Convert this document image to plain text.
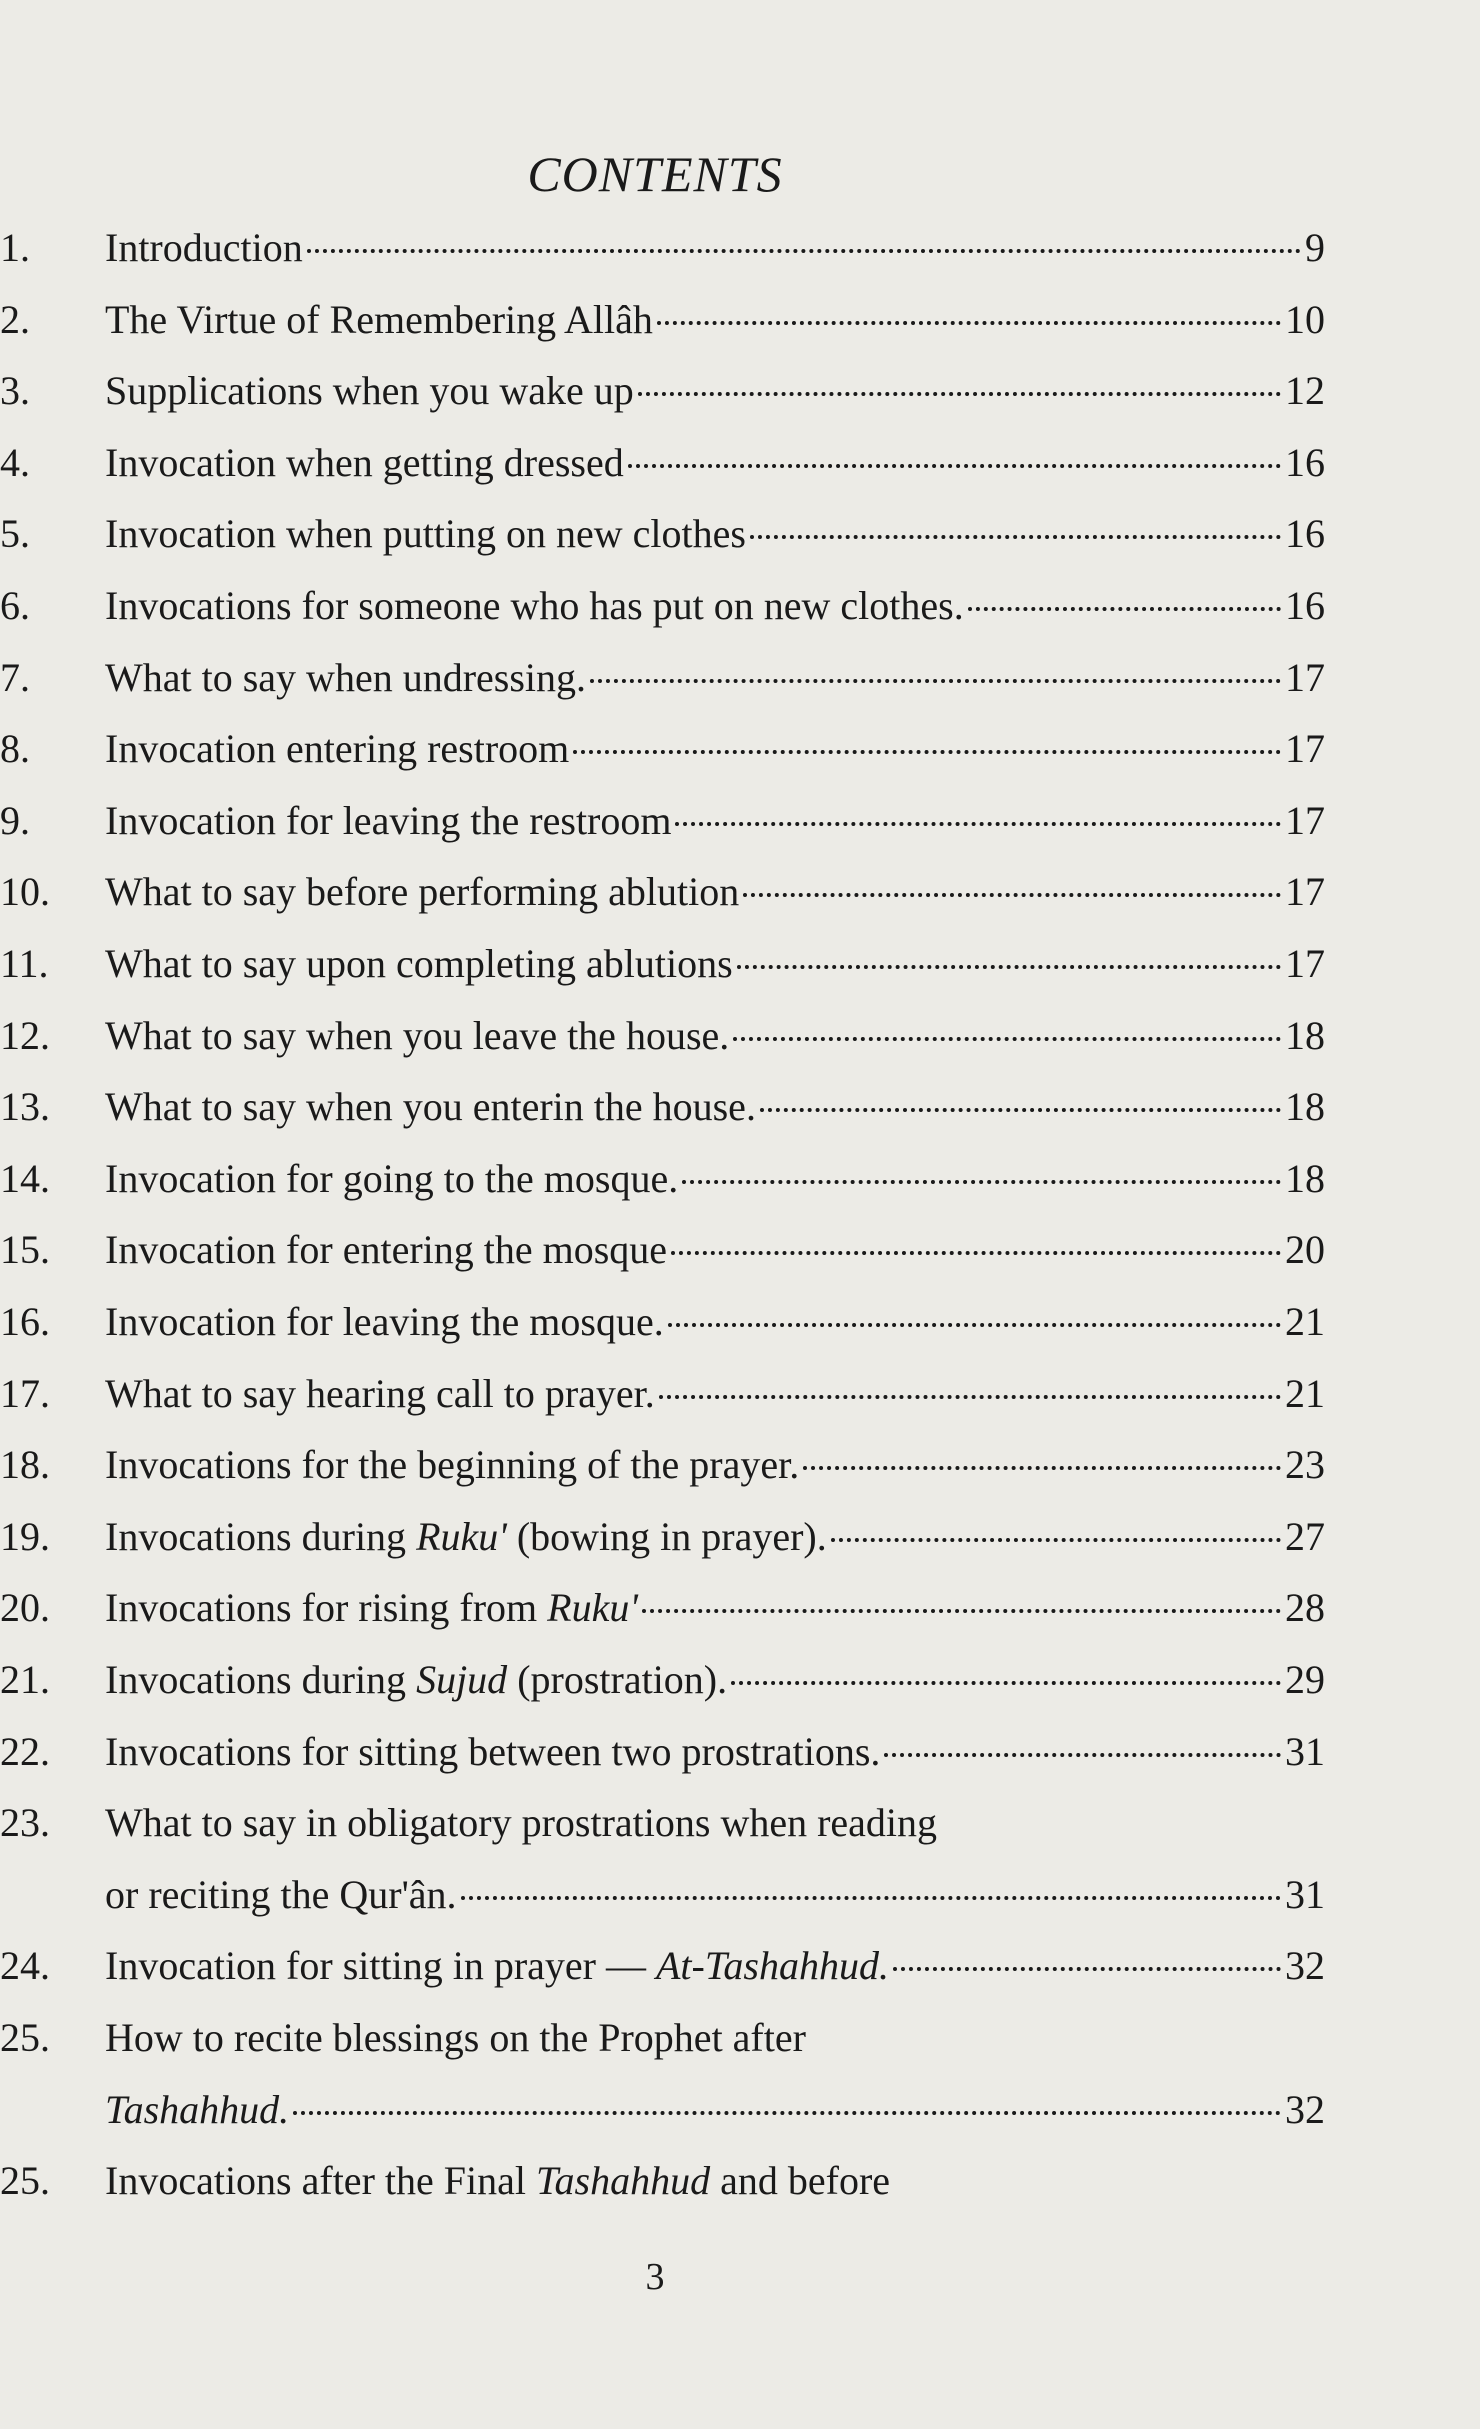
CONTENTS
1.	Introduction	9
2.	The Virtue of Remembering Allâh	10
3.	Supplications when you wake up	12
4.	Invocation when getting dressed	16
5.	Invocation when putting on new clothes	16
6.	Invocations for someone who has put on new clothes.	16
7.	What to say when undressing.	17
8.	Invocation entering restroom	17
9.	Invocation for leaving the restroom	17
10.	What to say before performing ablution	17
11.	What to say upon completing ablutions	17
12.	What to say when you leave the house.	18
13.	What to say when you enterin the house.	18
14.	Invocation for going to the mosque.	18
15.	Invocation for entering the mosque	20
16.	Invocation for leaving the mosque.	21
17.	What to say hearing call to prayer.	21
18.	Invocations for the beginning of the prayer.	23
19.	Invocations during Ruku' (bowing in prayer).	27
20.	Invocations for rising from Ruku'	28
21.	Invocations during Sujud (prostration).	29
22.	Invocations for sitting between two prostrations.	31
23.	What to say in obligatory prostrations when reading
or reciting the Qur'ân.	31
24.	Invocation for sitting in prayer — At-Tashahhud.	32
25.	How to recite blessings on the Prophet after
Tashahhud.	32
25.	Invocations after the Final Tashahhud and before
3
